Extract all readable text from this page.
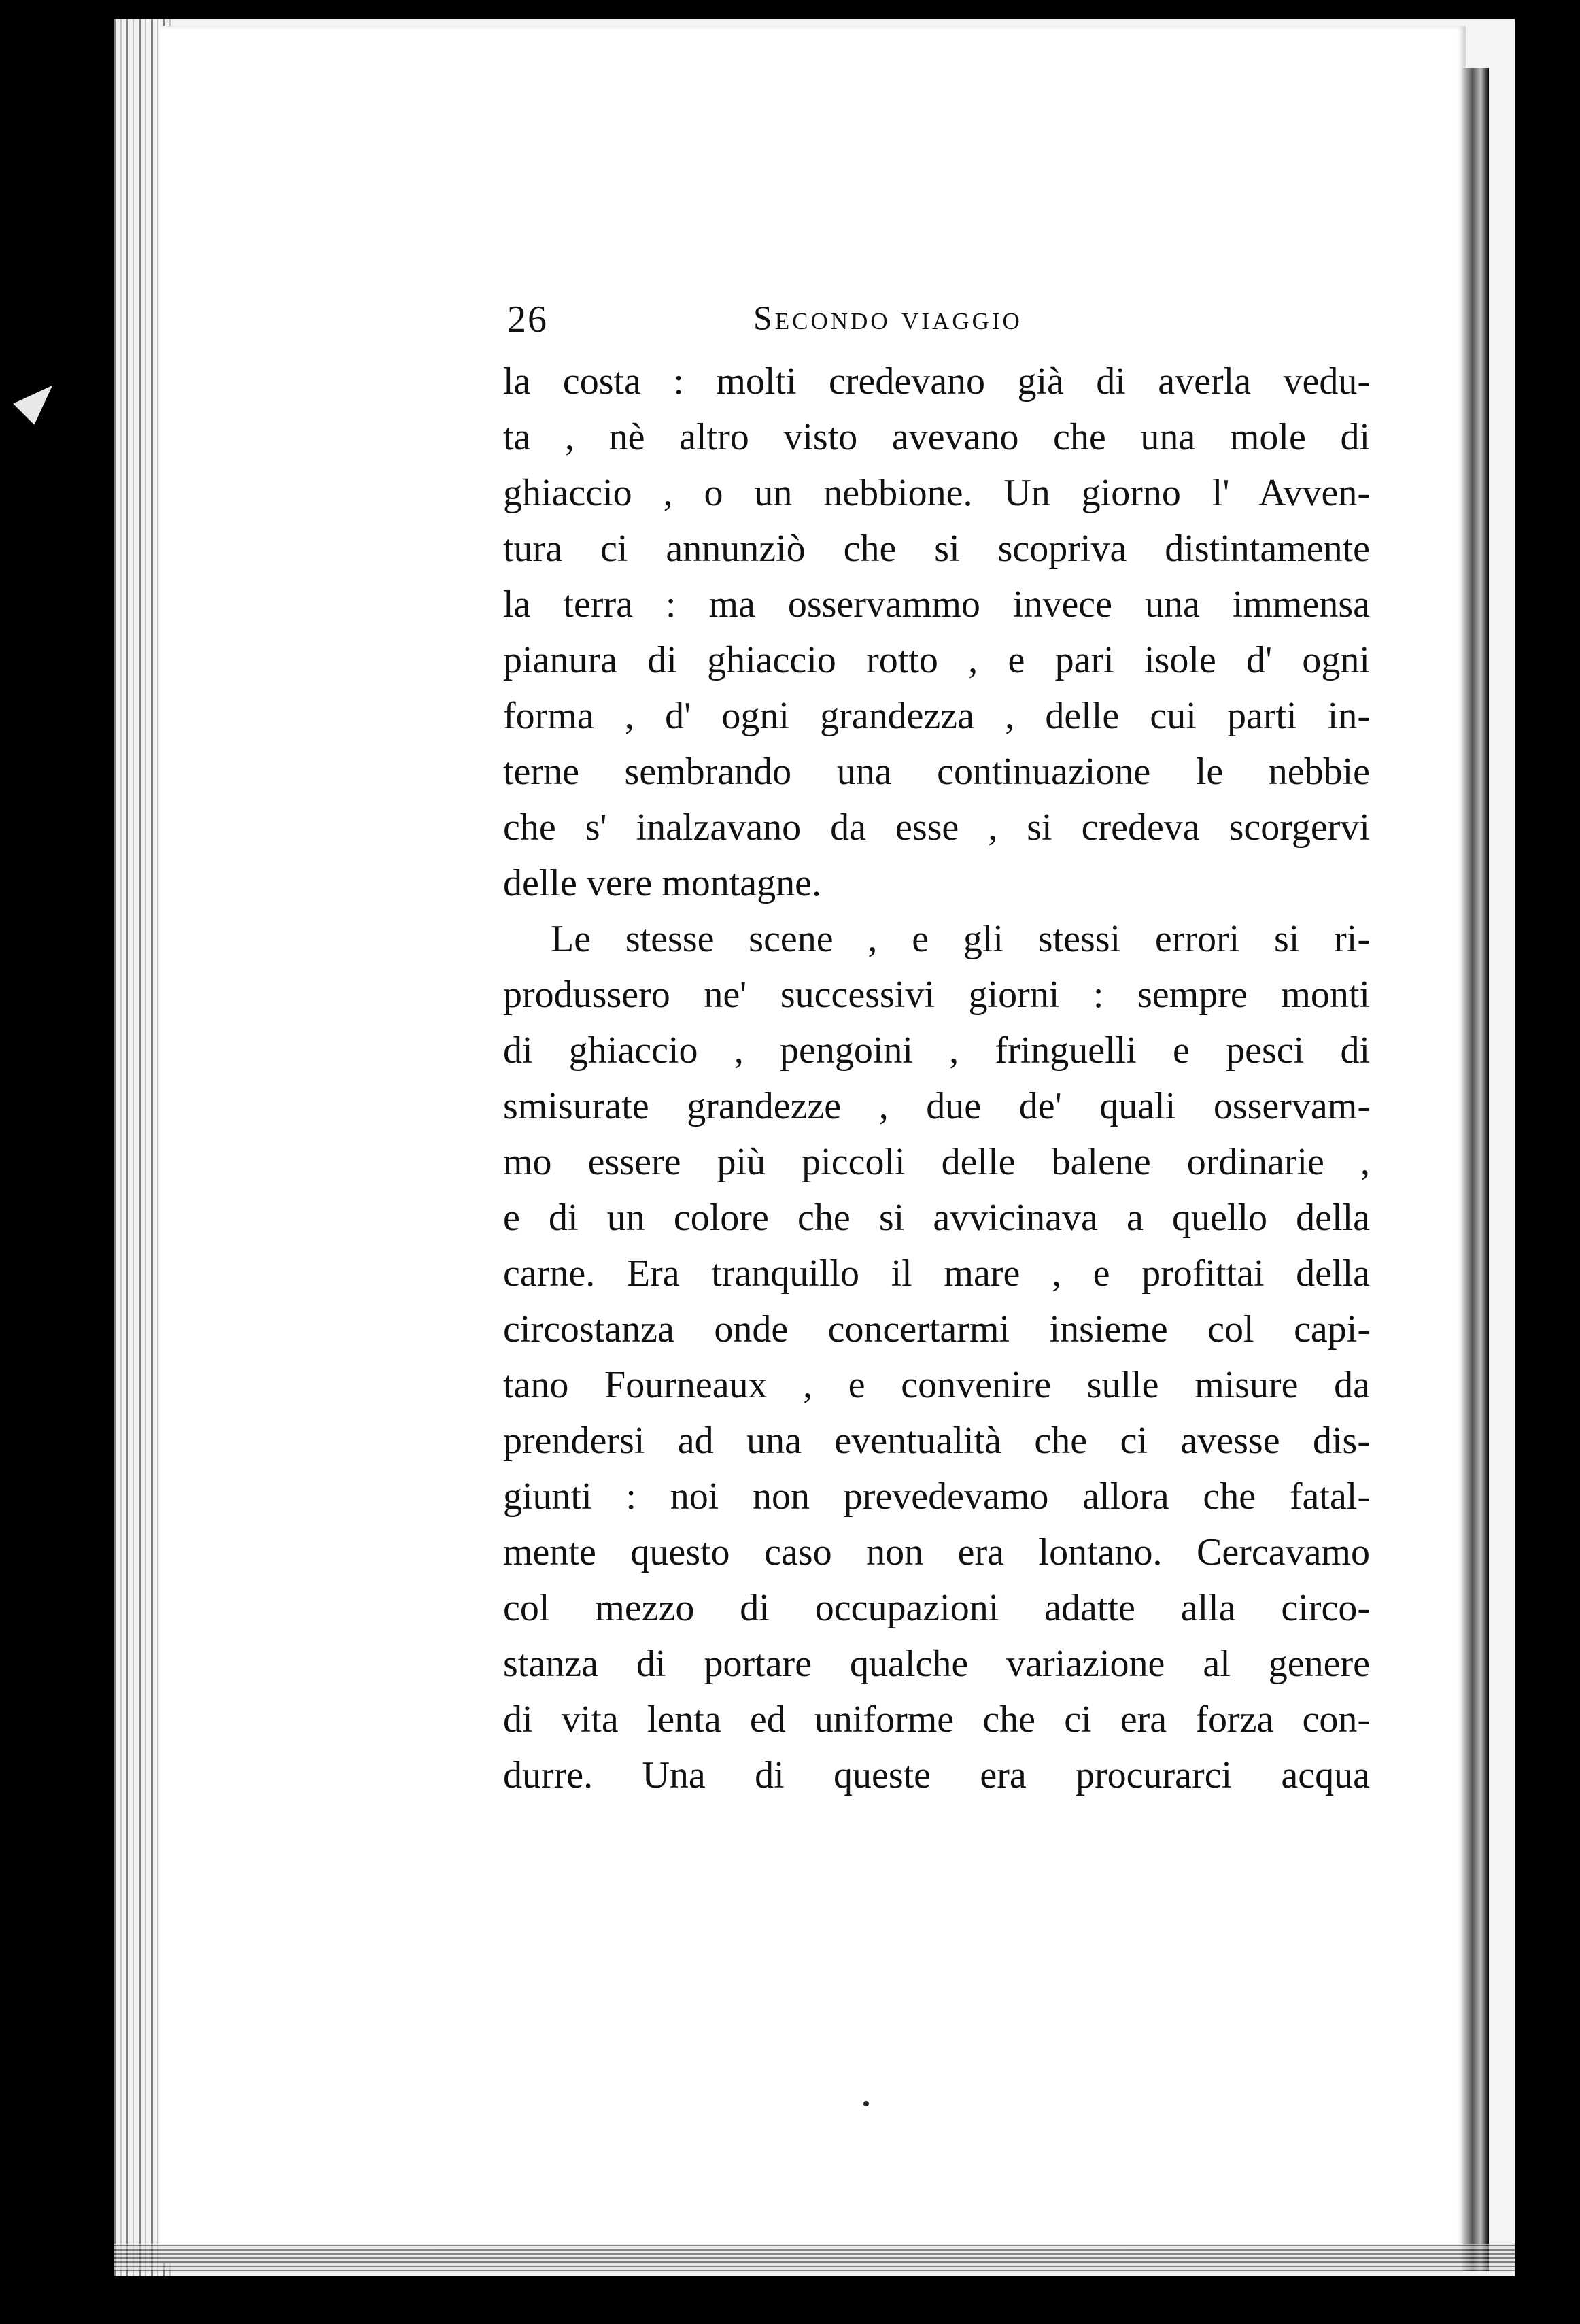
26	Secondo viaggio
la costa : molti credevano già di averla vedu-
ta , nè altro visto avevano che una mole di
ghiaccio , o un nebbione. Un giorno l' Avven-
tura ci annunziò che si scopriva distintamente
la terra : ma osservammo invece una immensa
pianura di ghiaccio rotto , e pari isole d' ogni
forma , d' ogni grandezza , delle cui parti in-
terne sembrando una continuazione le nebbie
che s' inalzavano da esse , si credeva scorgervi
delle vere montagne.
Le stesse scene , e gli stessi errori si ri-
produssero ne' successivi giorni : sempre monti
di ghiaccio , pengoini , fringuelli e pesci di
smisurate grandezze , due de' quali osservam-
mo essere più piccoli delle balene ordinarie ,
e di un colore che si avvicinava a quello della
carne. Era tranquillo il mare , e profittai della
circostanza onde concertarmi insieme col capi-
tano Fourneaux , e convenire sulle misure da
prendersi ad una eventualità che ci avesse dis-
giunti : noi non prevedevamo allora che fatal-
mente questo caso non era lontano. Cercavamo
col mezzo di occupazioni adatte alla circo-
stanza di portare qualche variazione al genere
di vita lenta ed uniforme che ci era forza con-
durre. Una di queste era procurarci acqua
